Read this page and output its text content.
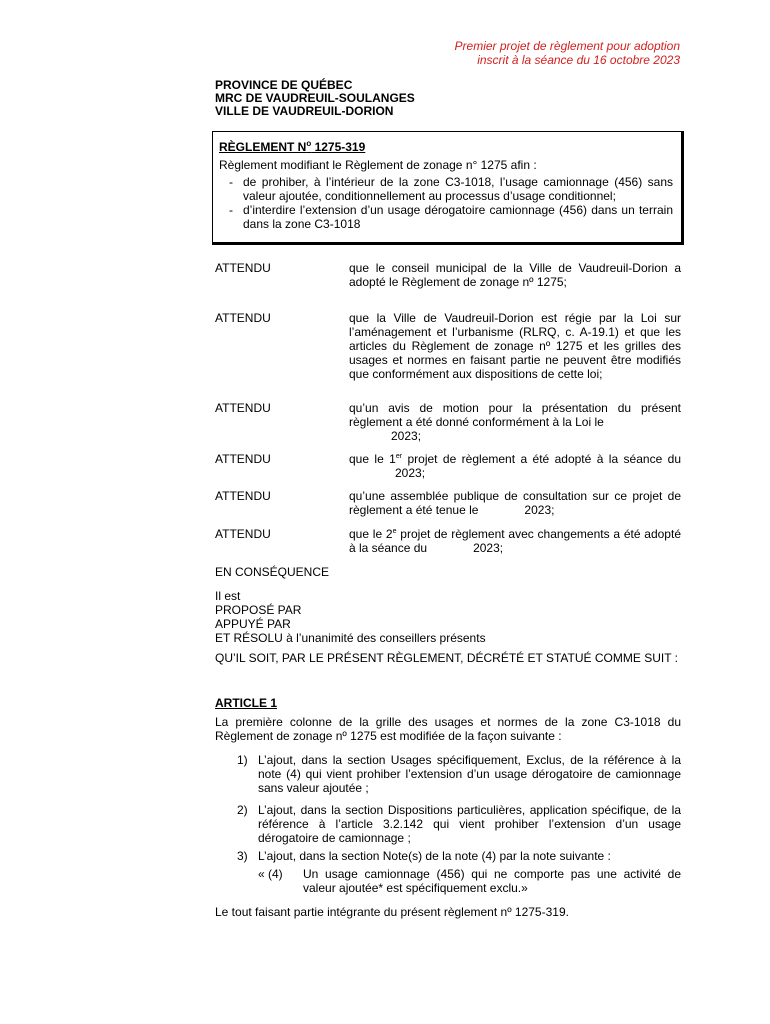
Premier projet de règlement pour adoption
inscrit à la séance du 16 octobre 2023
PROVINCE DE QUÉBEC
MRC DE VAUDREUIL-SOULANGES
VILLE DE VAUDREUIL-DORION
RÈGLEMENT $N^o$ 1275-319
Règlement modifiant le Règlement de zonage n° 1275 afin :
- de prohiber, à l’intérieur de la zone C3-1018, l’usage camionnage (456) sans valeur ajoutée, conditionnellement au processus d’usage conditionnel;
- d’interdire l’extension d’un usage dérogatoire camionnage (456) dans un terrain dans la zone C3-1018
ATTENDU	que le conseil municipal de la Ville de Vaudreuil-Dorion a adopté le Règlement de zonage nº 1275;
ATTENDU	que la Ville de Vaudreuil-Dorion est régie par la Loi sur l’aménagement et l’urbanisme (RLRQ, c. A-19.1) et que les articles du Règlement de zonage nº 1275 et les grilles des usages et normes en faisant partie ne peuvent être modifiés que conformément aux dispositions de cette loi;
ATTENDU	qu’un avis de motion pour la présentation du présent règlement a été donné conformément à la Loi le
2023;
ATTENDU	que le 1er projet de règlement a été adopté à la séance du2023;
ATTENDU	qu’une assemblée publique de consultation sur ce projet de règlement a été tenue le	2023;
ATTENDU	que le 2e projet de règlement avec changements a été adopté à la séance du	2023;
EN CONSÉQUENCE
Il est
PROPOSÉ PAR
APPUYÉ PAR
ET RÉSOLU à l’unanimité des conseillers présents
QU’IL SOIT, PAR LE PRÉSENT RÈGLEMENT, DÉCRÉTÉ ET STATUÉ COMME SUIT :
ARTICLE 1
La première colonne de la grille des usages et normes de la zone C3-1018 du Règlement de zonage nº 1275 est modifiée de la façon suivante :
1) L’ajout, dans la section Usages spécifiquement, Exclus, de la référence à la note (4) qui vient prohiber l’extension d’un usage dérogatoire de camionnage sans valeur ajoutée ;
2) L’ajout, dans la section Dispositions particulières, application spécifique, de la référence à l’article 3.2.142 qui vient prohiber l’extension d’un usage dérogatoire de camionnage ;
3) L’ajout, dans la section Note(s) de la note (4) par la note suivante :
« (4) Un usage camionnage (456) qui ne comporte pas une activité de valeur ajoutée* est spécifiquement exclu.»
Le tout faisant partie intégrante du présent règlement nº 1275-319.
